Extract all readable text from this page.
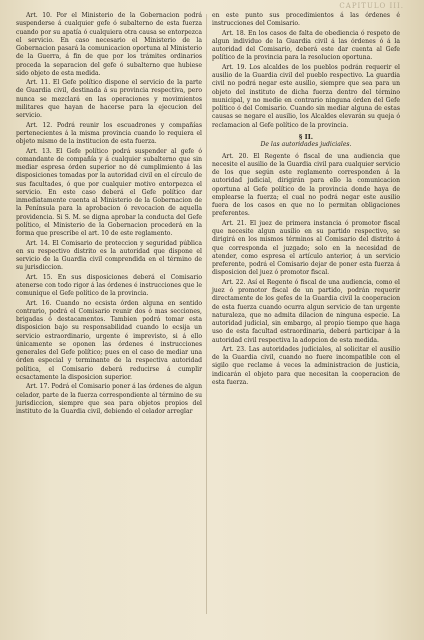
CAPITULO III.

Art. 10. Por el Ministerio de la Gobernacion podrá suspenderse á cualquier gefe ó subalterno de esta fuerza cuando por su apatía ó cualquiera otra causa se entorpezca el servicio. En caso necesario el Ministerio de la Gobernacion pasará la comunicacion oportuna al Ministerio de la Guerra, á fin de que por los trámites ordinarios proceda la separacion del gefe ó subalterno que hubiese sido objeto de esta medida.

Art. 11. El Gefe político dispone el servicio de la parte de Guardia civil, destinada á su provincia respectiva, pero nunca se mezclará en las operaciones y movimientos militares que hayan de hacerse para la ejecucion del servicio.

Art. 12. Podrá reunir los escuadrones y compañías pertenecientes á la misma provincia cuando lo requiera el objeto mismo de la institucion de esta fuerza.

Art. 13. El Gefe político podrá suspender al gefe ó comandante de compañía y á cualquier subalterno que sin mediar espresa órden superior no dé cumplimiento á las disposiciones tomadas por la autoridad civil en el círculo de sus facultades, ó que por cualquier motivo entorpezca el servicio. En este caso deberá el Gefe político dar inmediatamente cuenta al Ministerio de la Gobernacion de la Península para la aprobacion ó revocacion de aquella providencia. Si S. M. se digna aprobar la conducta del Gefe político, el Ministerio de la Gobernacion procederá en la forma que prescribe el art. 10 de este reglamento.

Art. 14. El Comisario de proteccion y seguridad pública en su respectivo distrito es la autoridad que dispone el servicio de la Guardia civil comprendida en el término de su jurisdiccion.

Art. 15. En sus disposiciones deberá el Comisario atenerse con todo rigor á las órdenes é instrucciones que le comunique el Gefe político de la provincia.

Art. 16. Cuando no ecsista órden alguna en sentido contrario, podrá el Comisario reunir dos ó mas secciones, brigadas ó destacamentos. Tambien podrá tomar esta disposicion bajo su responsabilidad cuando lo ecsija un servicio estraordinario, urgente é imprevisto, si á ello únicamente se oponen las órdenes é instrucciones generales del Gefe político; pues en el caso de mediar una órden especial y terminante de la respectiva autoridad política, el Comisario deberá reducirse á cumplir ecsactamente la disposicion superior.

Art. 17. Podrá el Comisario poner á las órdenes de algun celador, parte de la fuerza correspondiente al término de su jurisdiccion, siempre que sea para objetos propios del instituto de la Guardia civil, debiendo el celador arreglar

en este punto sus procedimientos á las órdenes é instrucciones del Comisario.

Art. 18. En los casos de falta de obediencia ó respeto de algun individuo de la Guardia civil á las órdenes ó á la autoridad del Comisario, deberá este dar cuenta al Gefe político de la provincia para la resolucion oportuna.

Art. 19. Los alcaldes de los pueblos podrán requerir el ausilio de la Guardia civil del pueblo respectivo. La guardia civil no podrá negar este ausilio, siempre que sea para un objeto del instituto de dicha fuerza dentro del término municipal, y no medie en contrario ninguna órden del Gefe político ó del Comisario. Cuando sin mediar alguna de estas causas se negare el ausilio, los Alcaldes elevarán su queja ó reclamacion al Gefe político de la provincia.

§ II.

De las autoridades judiciales.

Art. 20. El Regente ó fiscal de una audiencia que necesite el ausilio de la Guardia civil para cualquier servicio de los que según este reglamento corresponden á la autoridad judicial, dirigirán para ello la comunicacion oportuna al Gefe político de la provincia donde haya de emplearse la fuerza; el cual no podrá negar este ausilio fuera de los casos en que no lo permitan obligaciones preferentes.

Art. 21. El juez de primera instancia ó promotor fiscal que necesite algun ausilio en su partido respectivo, se dirigirá en los mismos términos al Comisario del distrito á que corresponda el juzgado; solo en la necesidad de atender, como espresa el artículo anterior, á un servicio preferente, podrá el Comisario dejar de poner esta fuerza á disposicion del juez ó promotor fiscal.

Art. 22. Así el Regente ó fiscal de una audiencia, como el juez ó promotor fiscal de un partido, podrán requerir directamente de los gefes de la Guardia civil la cooperacion de esta fuerza cuando ocurra algun servicio de tan urgente naturaleza, que no admita dilacion de ninguna especie. La autoridad judicial, sin embargo, al propio tiempo que haga uso de esta facultad estraordinaria, deberá participar á la autoridad civil respectiva la adopcion de esta medida.

Art. 23. Las autoridades judiciales, al solicitar el ausilio de la Guardia civil, cuando no fuere incompatible con el sigilo que reclame á veces la administracion de justicia, indicarán el objeto para que necesitan la cooperacion de esta fuerza.
